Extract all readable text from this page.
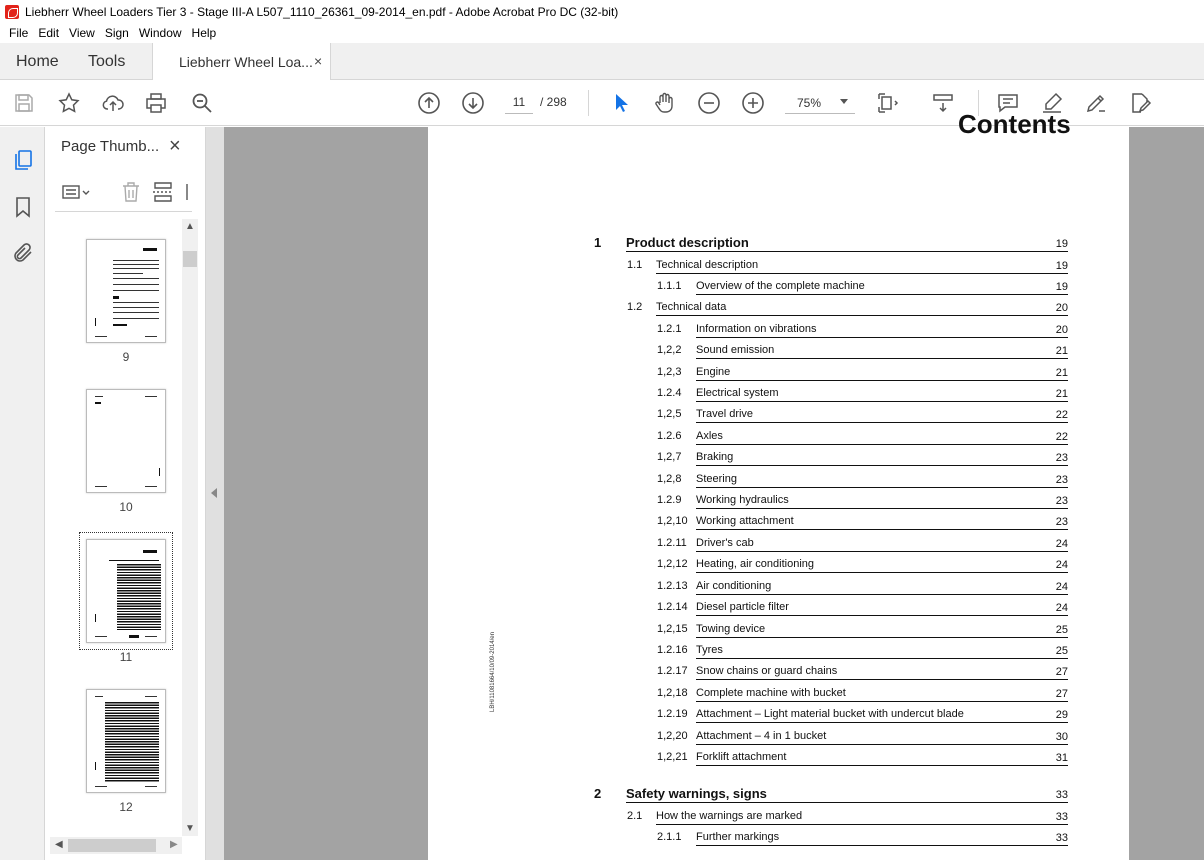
Liebherr Wheel Loaders Tier 3 - Stage III-A L507_1110_26361_09-2014_en.pdf - Adobe Acrobat Pro DC (32-bit)
File Edit View Sign Window Help
Home Tools	Liebherr Wheel Loa... ×
11
/ 298	75%
Page Thumb... ×
▲
▼
◀	▶
9
10
11
12
Contents
LBH/11081664/10/09-2014/en
1 Product description	19
1.1 Technical description	19
1.1.1 Overview of the complete machine	19
1.2 Technical data	20
1.2.1 Information on vibrations	20
1,2,2 Sound emission	21
1,2,3 Engine	21
1.2.4 Electrical system	21
1,2,5 Travel drive	22
1.2.6 Axles	22
1,2,7 Braking	23
1,2,8 Steering	23
1.2.9 Working hydraulics	23
1,2,10 Working attachment	23
1.2.11 Driver's cab	24
1,2,12 Heating, air conditioning	24
1.2.13 Air conditioning	24
1.2.14 Diesel particle filter	24
1,2,15 Towing device	25
1.2.16 Tyres	25
1.2.17 Snow chains or guard chains	27
1,2,18 Complete machine with bucket	27
1.2.19 Attachment – Light material bucket with undercut blade	29
1,2,20 Attachment – 4 in 1 bucket	30
1,2,21 Forklift attachment	31
2 Safety warnings, signs	33
2.1 How the warnings are marked	33
2.1.1 Further markings	33
